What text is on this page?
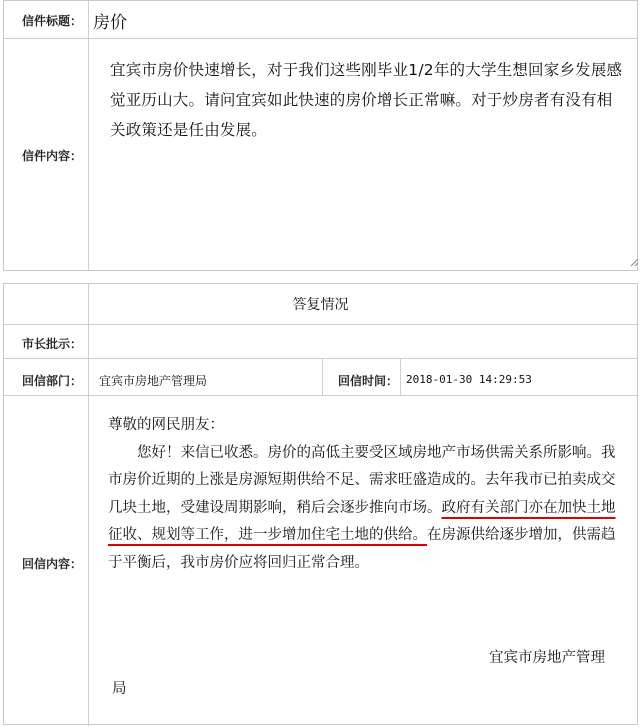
信件标题： 房价
信件内容：
宜宾市房价快速增长，对于我们这些刚毕业1/2年的大学生想回家乡发展感觉亚历山大。请问宜宾如此快速的房价增长正常嘛。对于炒房者有没有相关政策还是任由发展。
答复情况
市长批示：
回信部门： 宜宾市房地产管理局	回信时间： 2018-01-30 14:29:53
回信内容：
尊敬的网民朋友：
您好！来信已收悉。房价的高低主要受区域房地产市场供需关系所影响。我市房价近期的上涨是房源短期供给不足、需求旺盛造成的。去年我市已拍卖成交几块土地，受建设周期影响，稍后会逐步推向市场。政府有关部门亦在加快土地征收、规划等工作，进一步增加住宅土地的供给。在房源供给逐步增加，供需趋于平衡后，我市房价应将回归正常合理。
宜宾市房地产管理
局
